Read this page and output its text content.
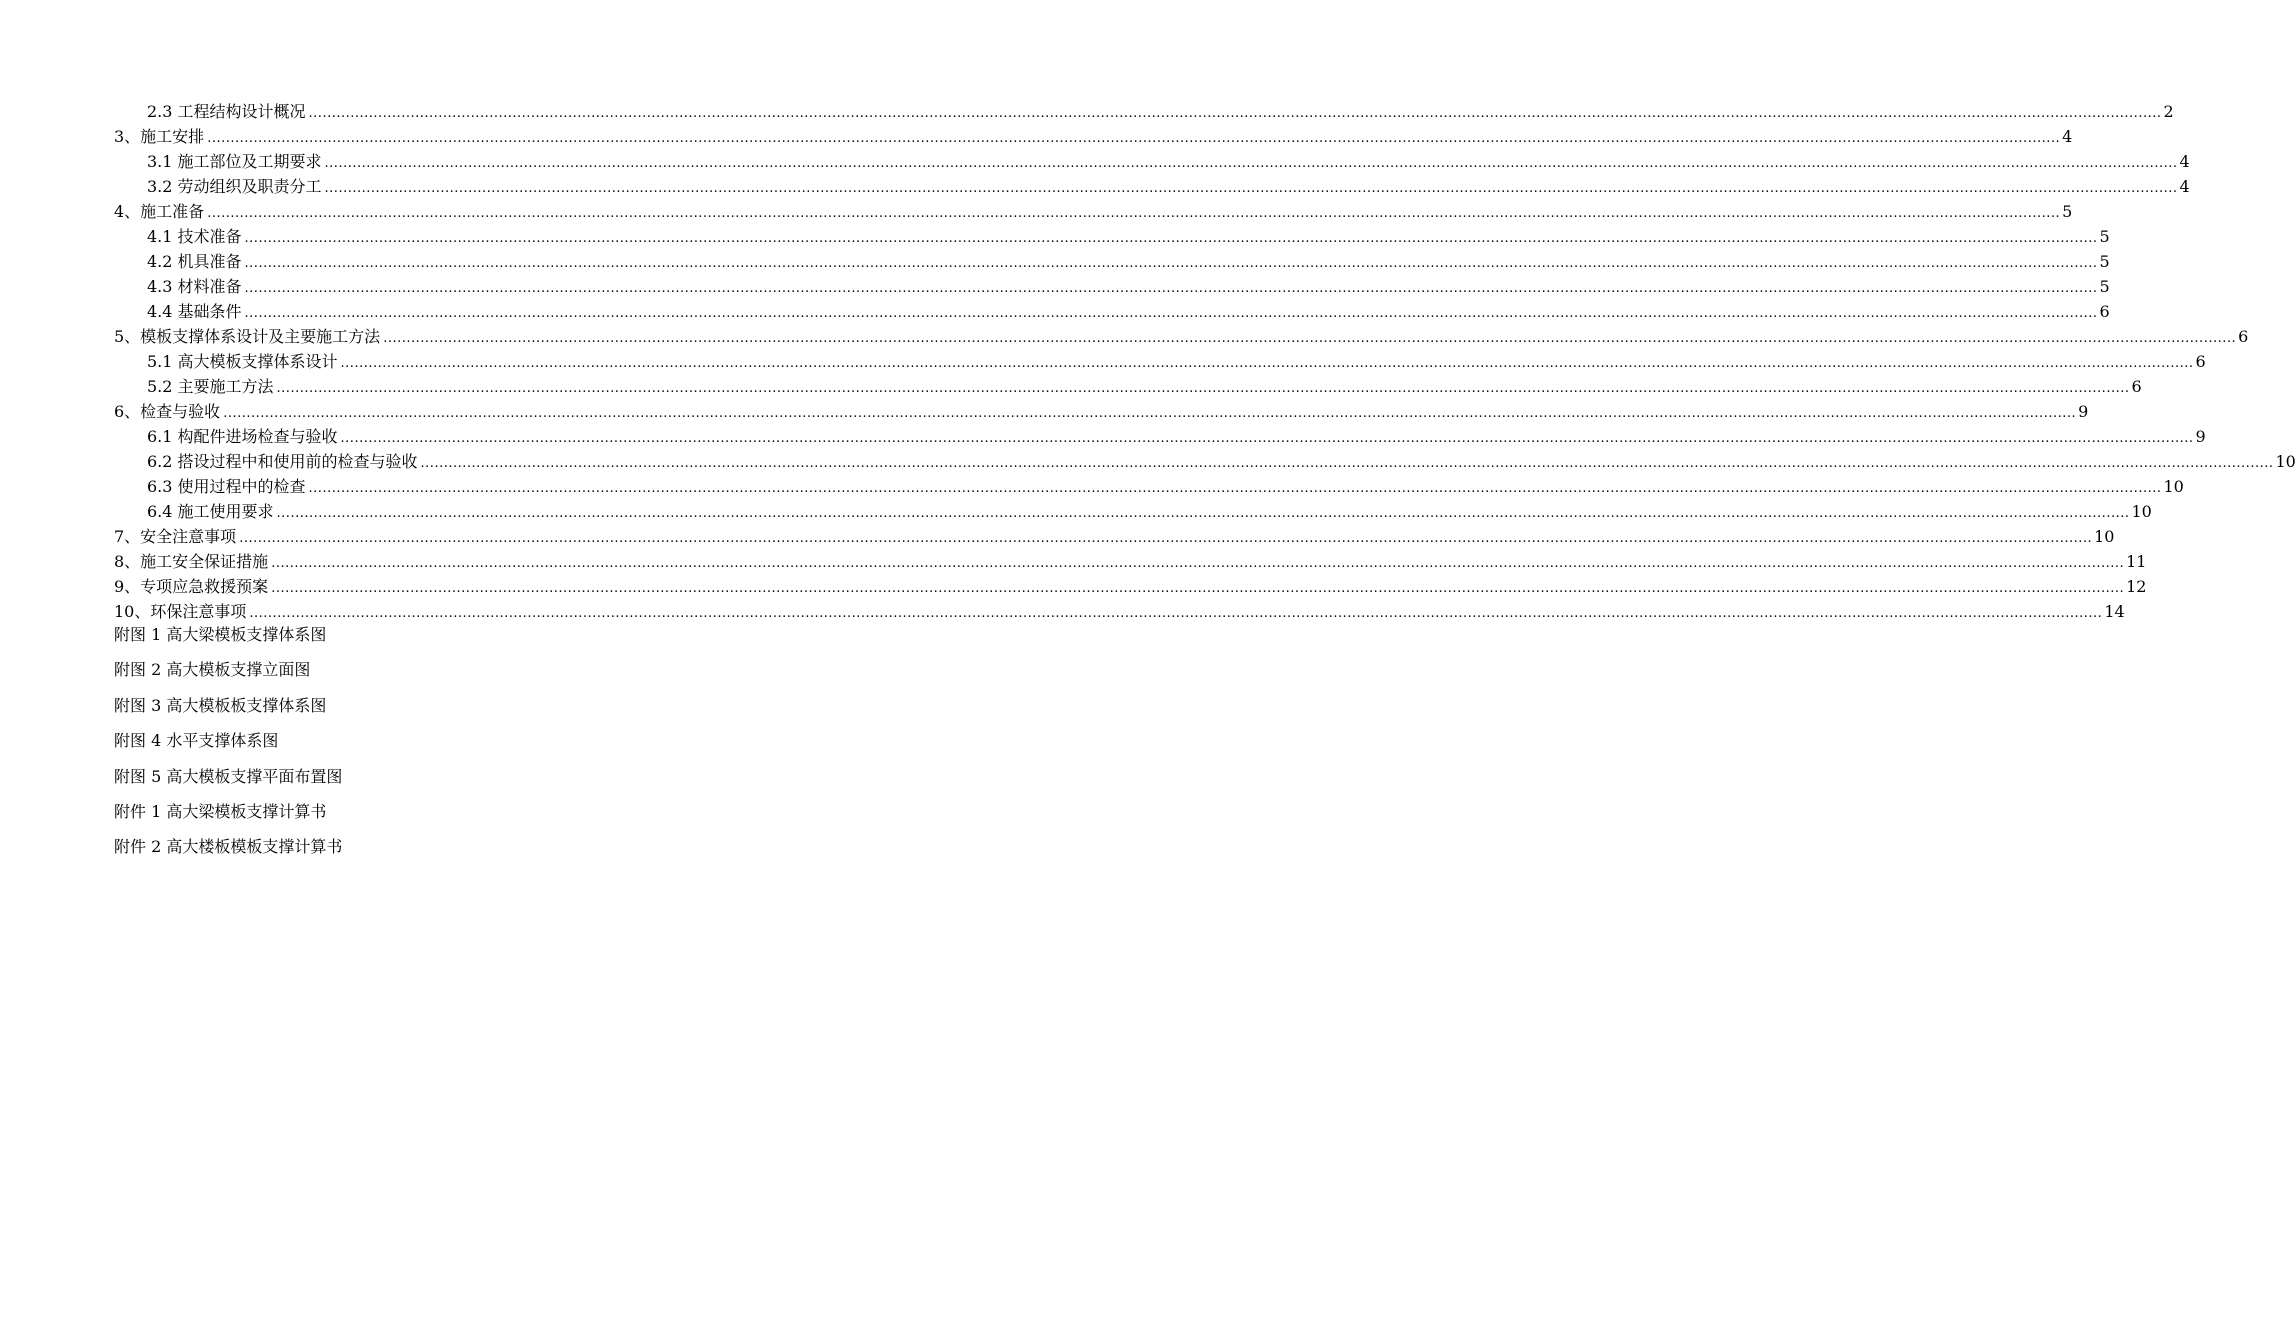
2.3 工程结构设计概况 ................................................................................................................................................................................................................................................................................................................................................................................................................ 2
3、施工安排 ................................................................................................................................................................................................................................................................................................................................................................................................................ 4
3.1 施工部位及工期要求 ................................................................................................................................................................................................................................................................................................................................................................................................................ 4
3.2 劳动组织及职责分工 ................................................................................................................................................................................................................................................................................................................................................................................................................ 4
4、施工准备 ................................................................................................................................................................................................................................................................................................................................................................................................................ 5
4.1 技术准备 ................................................................................................................................................................................................................................................................................................................................................................................................................ 5
4.2 机具准备 ................................................................................................................................................................................................................................................................................................................................................................................................................ 5
4.3 材料准备 ................................................................................................................................................................................................................................................................................................................................................................................................................ 5
4.4 基础条件 ................................................................................................................................................................................................................................................................................................................................................................................................................ 6
5、模板支撑体系设计及主要施工方法 ................................................................................................................................................................................................................................................................................................................................................................................................................ 6
5.1 高大模板支撑体系设计 ................................................................................................................................................................................................................................................................................................................................................................................................................ 6
5.2 主要施工方法 ................................................................................................................................................................................................................................................................................................................................................................................................................ 6
6、检查与验收 ................................................................................................................................................................................................................................................................................................................................................................................................................ 9
6.1 构配件进场检查与验收 ................................................................................................................................................................................................................................................................................................................................................................................................................ 9
6.2 搭设过程中和使用前的检查与验收 ................................................................................................................................................................................................................................................................................................................................................................................................................ 10
6.3 使用过程中的检查 ................................................................................................................................................................................................................................................................................................................................................................................................................ 10
6.4 施工使用要求 ................................................................................................................................................................................................................................................................................................................................................................................................................ 10
7、安全注意事项 ................................................................................................................................................................................................................................................................................................................................................................................................................ 10
8、施工安全保证措施 ................................................................................................................................................................................................................................................................................................................................................................................................................ 11
9、专项应急救援预案 ................................................................................................................................................................................................................................................................................................................................................................................................................ 12
10、环保注意事项 ................................................................................................................................................................................................................................................................................................................................................................................................................ 14
附图 1 高大梁模板支撑体系图
附图 2 高大模板支撑立面图
附图 3 高大模板板支撑体系图
附图 4 水平支撑体系图
附图 5 高大模板支撑平面布置图
附件 1 高大梁模板支撑计算书
附件 2 高大楼板模板支撑计算书
